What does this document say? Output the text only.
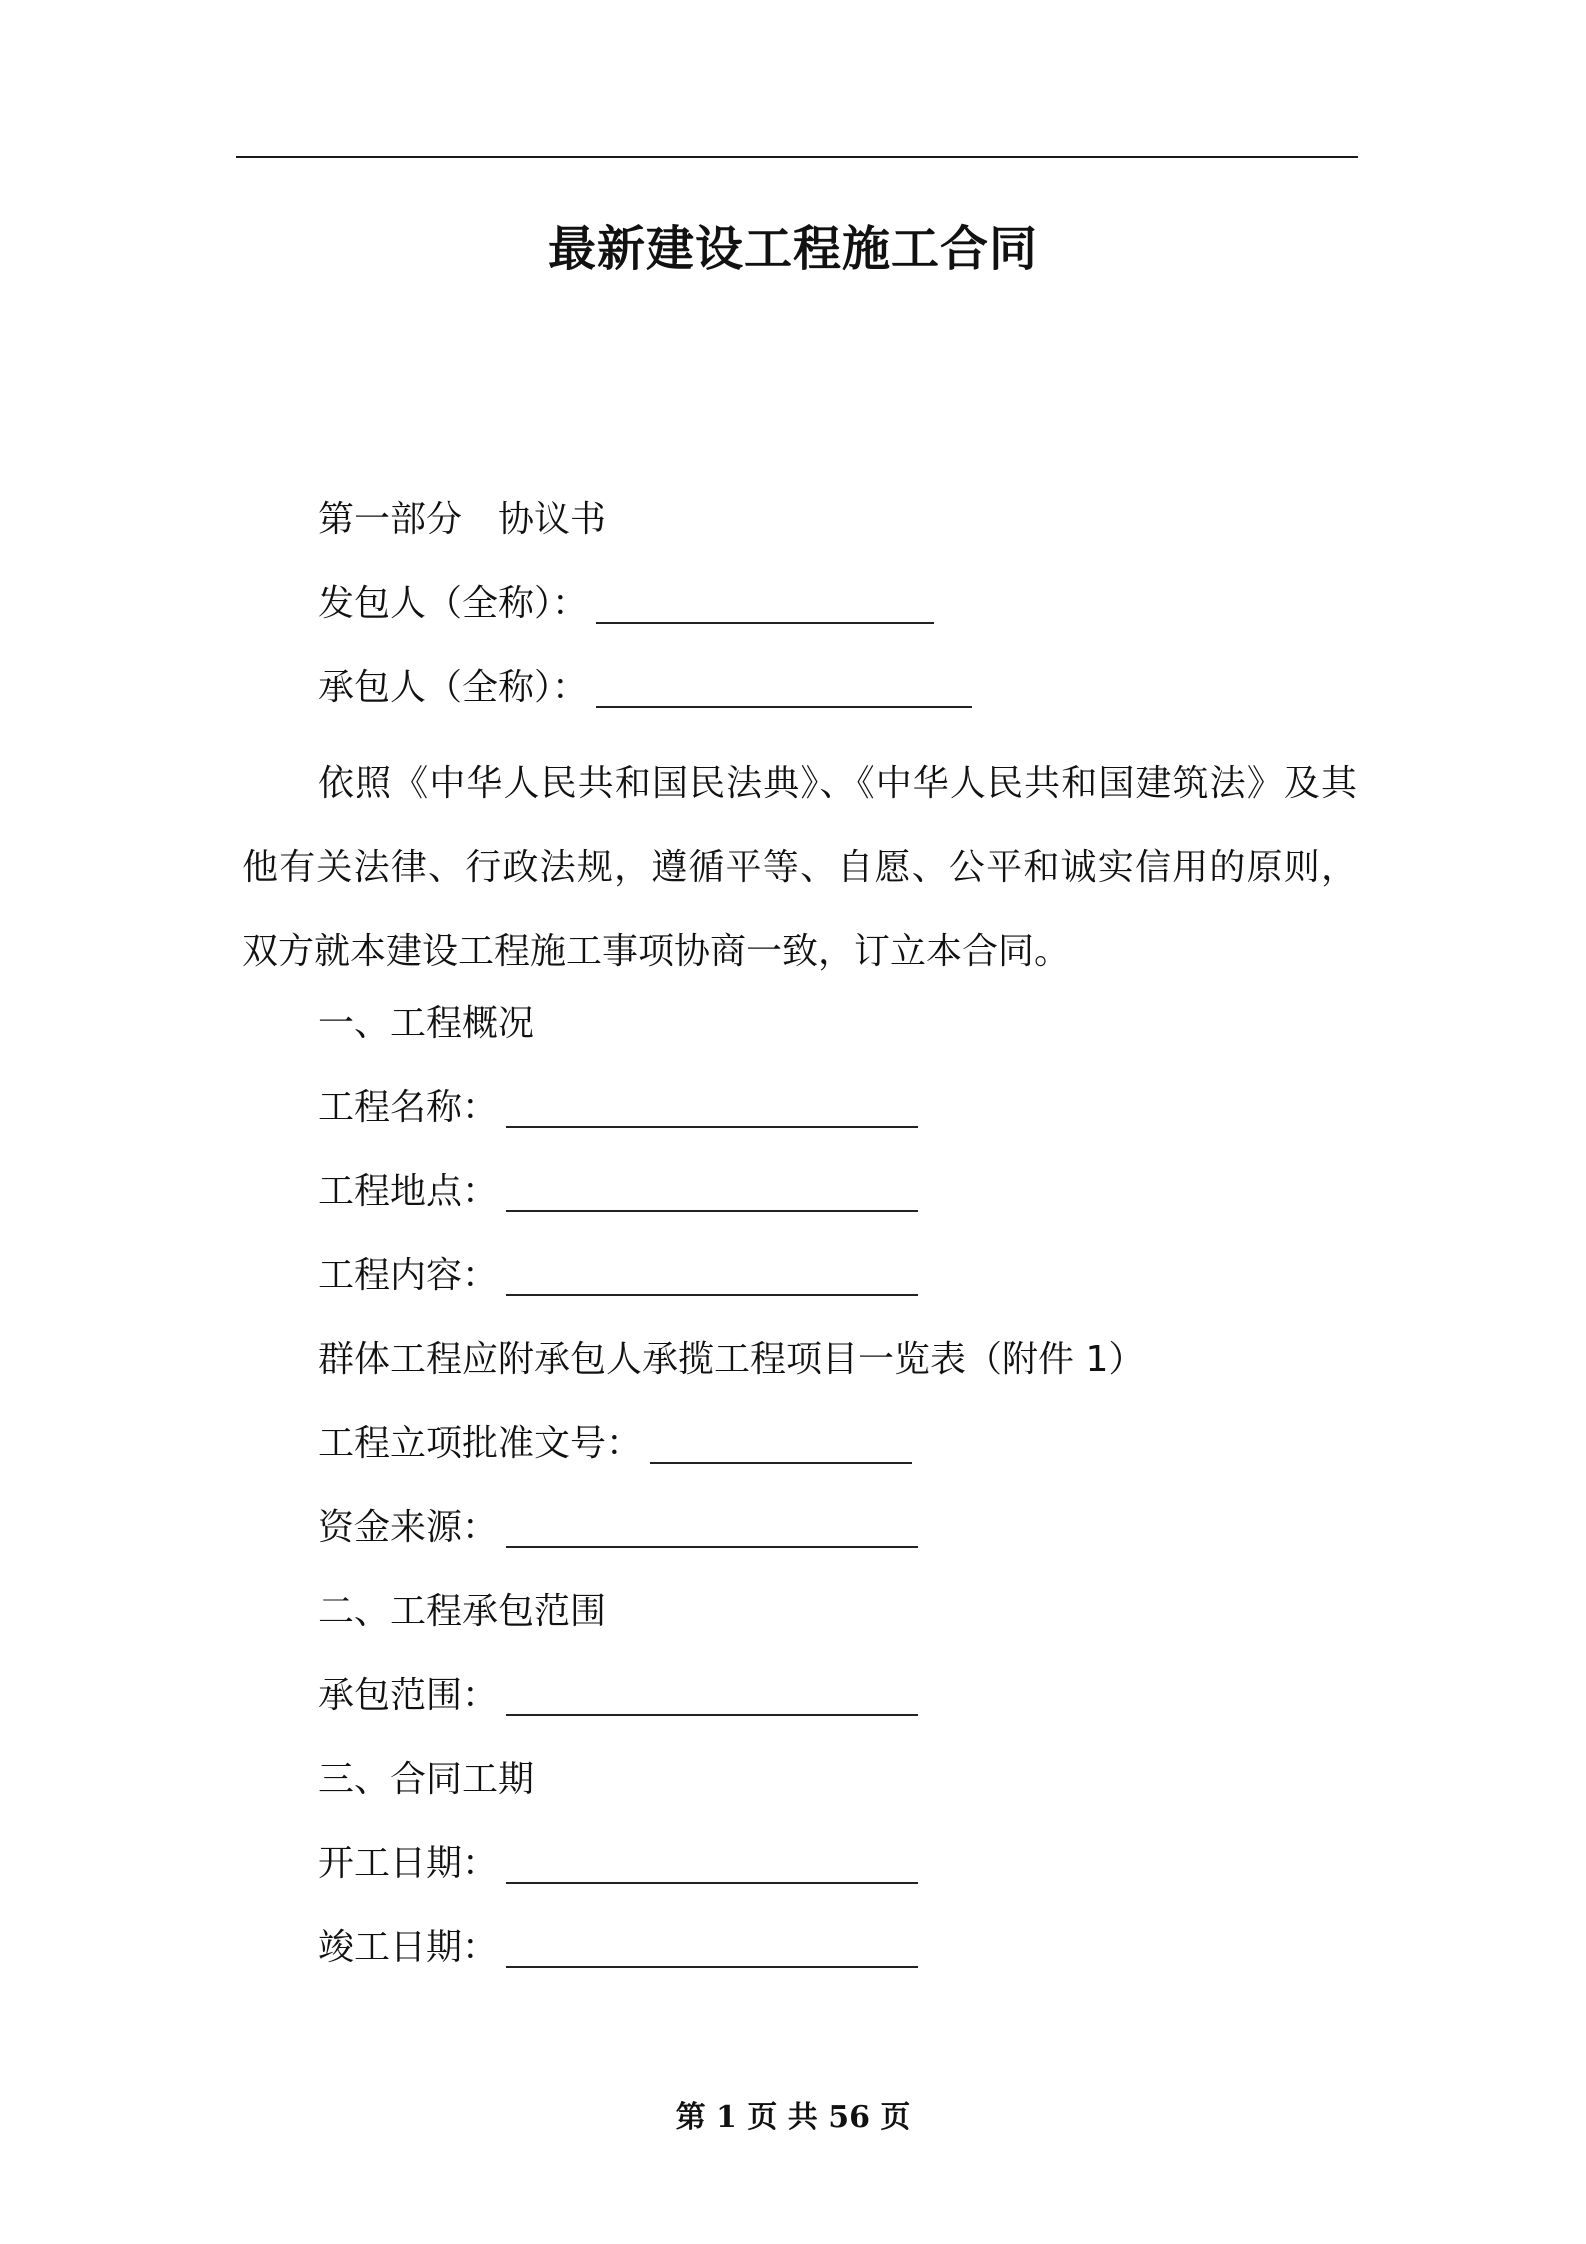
最新建设工程施工合同
第一部分　协议书
发包人（全称）：
承包人（全称）：
依照《中华人民共和国民法典》、《中华人民共和国建筑法》及其
他有关法律、行政法规，遵循平等、自愿、公平和诚实信用的原则，
双方就本建设工程施工事项协商一致，订立本合同。
一、工程概况
工程名称：
工程地点：
工程内容：
群体工程应附承包人承揽工程项目一览表（附件 1）
工程立项批准文号：
资金来源：
二、工程承包范围
承包范围：
三、合同工期
开工日期：
竣工日期：
第 1 页 共 56 页
